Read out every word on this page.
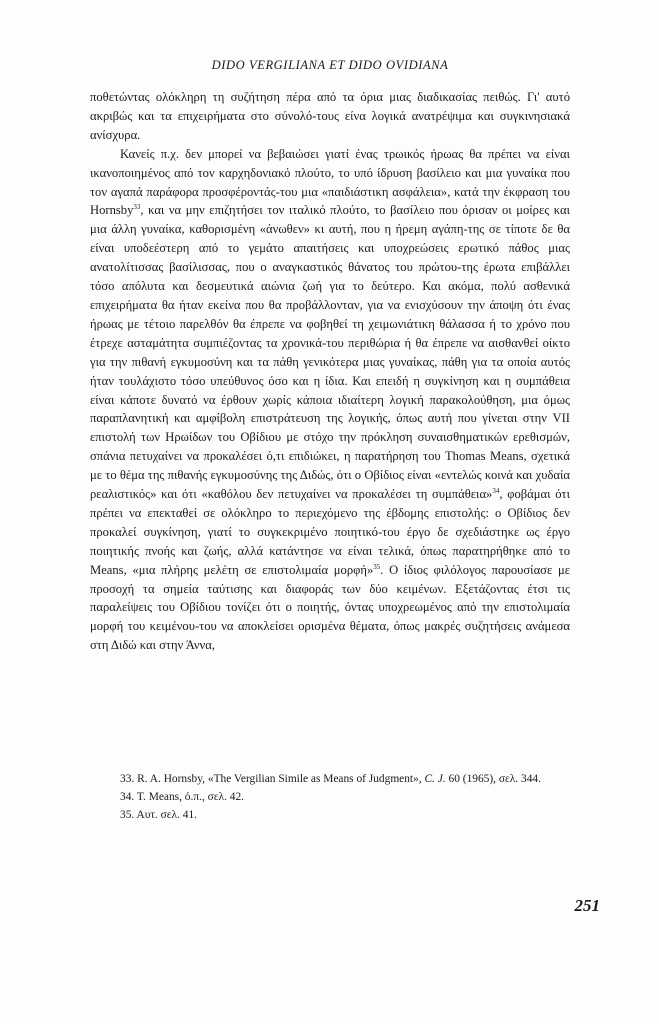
DIDO VERGILIANA ET DIDO OVIDIANA

ποθετώντας ολόκληρη τη συζήτηση πέρα από τα όρια μιας διαδικασίας πειθώς. Γι' αυτό ακριβώς και τα επιχειρήματα στο σύνολό-τους είνα λογικά ανατρέψιμα και συγκινησιακά ανίσχυρα.

Κανείς π.χ. δεν μπορεί να βεβαιώσει γιατί ένας τρωικός ήρωας θα πρέπει να είναι ικανοποιημένος από τον καρχηδονιακό πλούτο, το υπό ίδρυση βασίλειο και μια γυναίκα που τον αγαπά παράφορα προσφέροντάς-του μια «παιδιάστικη ασφάλεια», κατά την έκφραση του Hornsby$^{33}$, και να μην επιζητήσει τον ιταλικό πλούτο, το βασίλειο που όρισαν οι μοίρες και μια άλλη γυναίκα, καθορισμένη «άνωθεν» κι αυτή, που η ήρεμη αγάπη-της σε τίποτε δε θα είναι υποδεέστερη από το γεμάτο απαιτήσεις και υποχρεώσεις ερωτικό πάθος μιας ανατολίτισσας βασίλισσας, που ο αναγκαστικός θάνατος του πρώτου-της έρωτα επιβάλλει τόσο απόλυτα και δεσμευτικά αιώνια ζωή για το δεύτερο. Και ακόμα, πολύ ασθενικά επιχειρήματα θα ήταν εκείνα που θα προβάλλονταν, για να ενισχύσουν την άποψη ότι ένας ήρωας με τέτοιο παρελθόν θα έπρεπε να φοβηθεί τη χειμωνιάτικη θάλασσα ή το χρόνο που έτρεχε ασταμάτητα συμπιέζοντας τα χρονικά-του περιθώρια ή θα έπρεπε να αισθανθεί οίκτο για την πιθανή εγκυμοσύνη και τα πάθη γενικότερα μιας γυναίκας, πάθη για τα οποία αυτός ήταν τουλάχιστο τόσο υπεύθυνος όσο και η ίδια. Και επειδή η συγκίνηση και η συμπάθεια είναι κάποτε δυνατό να έρθουν χωρίς κάποια ιδιαίτερη λογική παρακολούθηση, μια όμως παραπλανητική και αμφίβολη επιστράτευση της λογικής, όπως αυτή που γίνεται στην VII επιστολή των Ηρωίδων του Οβίδιου με στόχο την πρόκληση συναισθηματικών ερεθισμών, σπάνια πετυχαίνει να προκαλέσει ό,τι επιδιώκει, η παρατήρηση του Thomas Means, σχετικά με το θέμα της πιθανής εγκυμοσύνης της Διδώς, ότι ο Οβίδιος είναι «εντελώς κοινά και χυδαία ρεαλιστικός» και ότι «καθόλου δεν πετυχαίνει να προκαλέσει τη συμπάθεια»$^{34}$, φοβάμαι ότι πρέπει να επεκταθεί σε ολόκληρο το περιεχόμενο της έβδομης επιστολής: ο Οβίδιος δεν προκαλεί συγκίνηση, γιατί το συγκεκριμένο ποιητικό-του έργο δε σχεδιάστηκε ως έργο ποιητικής πνοής και ζωής, αλλά κατάντησε να είναι τελικά, όπως παρατηρήθηκε από το Means, «μια πλήρης μελέτη σε επιστολιμαία μορφή»$^{35}$. Ο ίδιος φιλόλογος παρουσίασε με προσοχή τα σημεία ταύτισης και διαφοράς των δύο κειμένων. Εξετάζοντας έτσι τις παραλείψεις του Οβίδιου τονίζει ότι ο ποιητής, όντας υποχρεωμένος από την επιστολιμαία μορφή του κειμένου-του να αποκλείσει ορισμένα θέματα, όπως μακρές συζητήσεις ανάμεσα στη Διδώ και στην Άννα,

33. R. A. Hornsby, «The Vergilian Simile as Means of Judgment», C. J. 60 (1965), σελ. 344.

34. T. Means, ό.π., σελ. 42.

35. Αυτ. σελ. 41.

251
